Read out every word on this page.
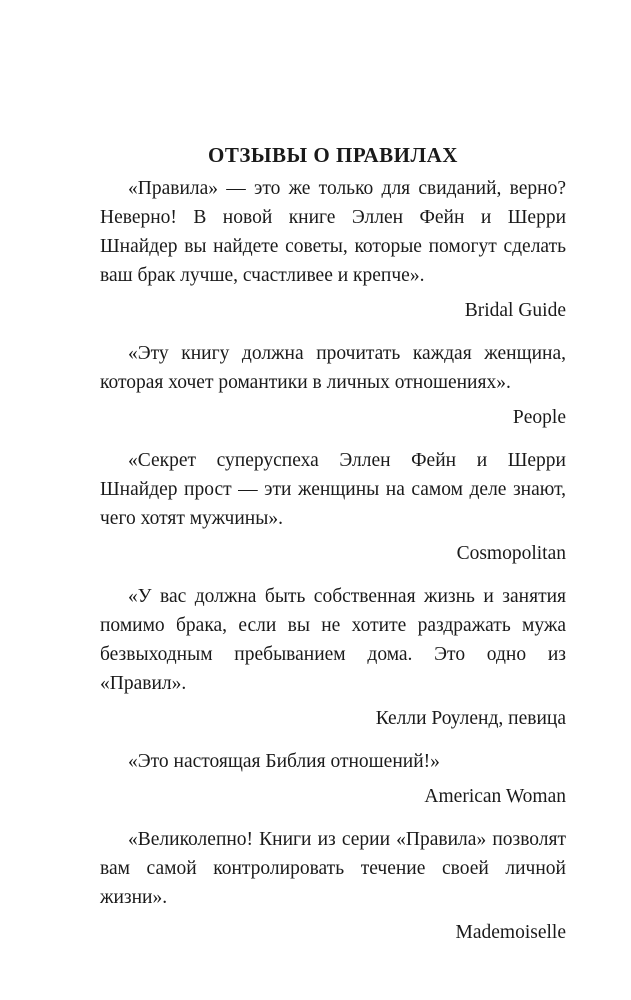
ОТЗЫВЫ О ПРАВИЛАХ

«Правила» — это же только для свиданий, верно? Неверно! В новой книге Эллен Фейн и Шерри Шнайдер вы найдете советы, которые помогут сделать ваш брак лучше, счастливее и крепче».

Bridal Guide

«Эту книгу должна прочитать каждая женщина, которая хочет романтики в личных отношениях».

People

«Секрет суперуспеха Эллен Фейн и Шерри Шнайдер прост — эти женщины на самом деле знают, чего хотят мужчины».

Cosmopolitan

«У вас должна быть собственная жизнь и занятия помимо брака, если вы не хотите раздражать мужа безвыходным пребыванием дома. Это одно из «Правил».

Келли Роуленд, певица

«Это настоящая Библия отношений!»

American Woman

«Великолепно! Книги из серии «Правила» позволят вам самой контролировать течение своей личной жизни».

Mademoiselle
